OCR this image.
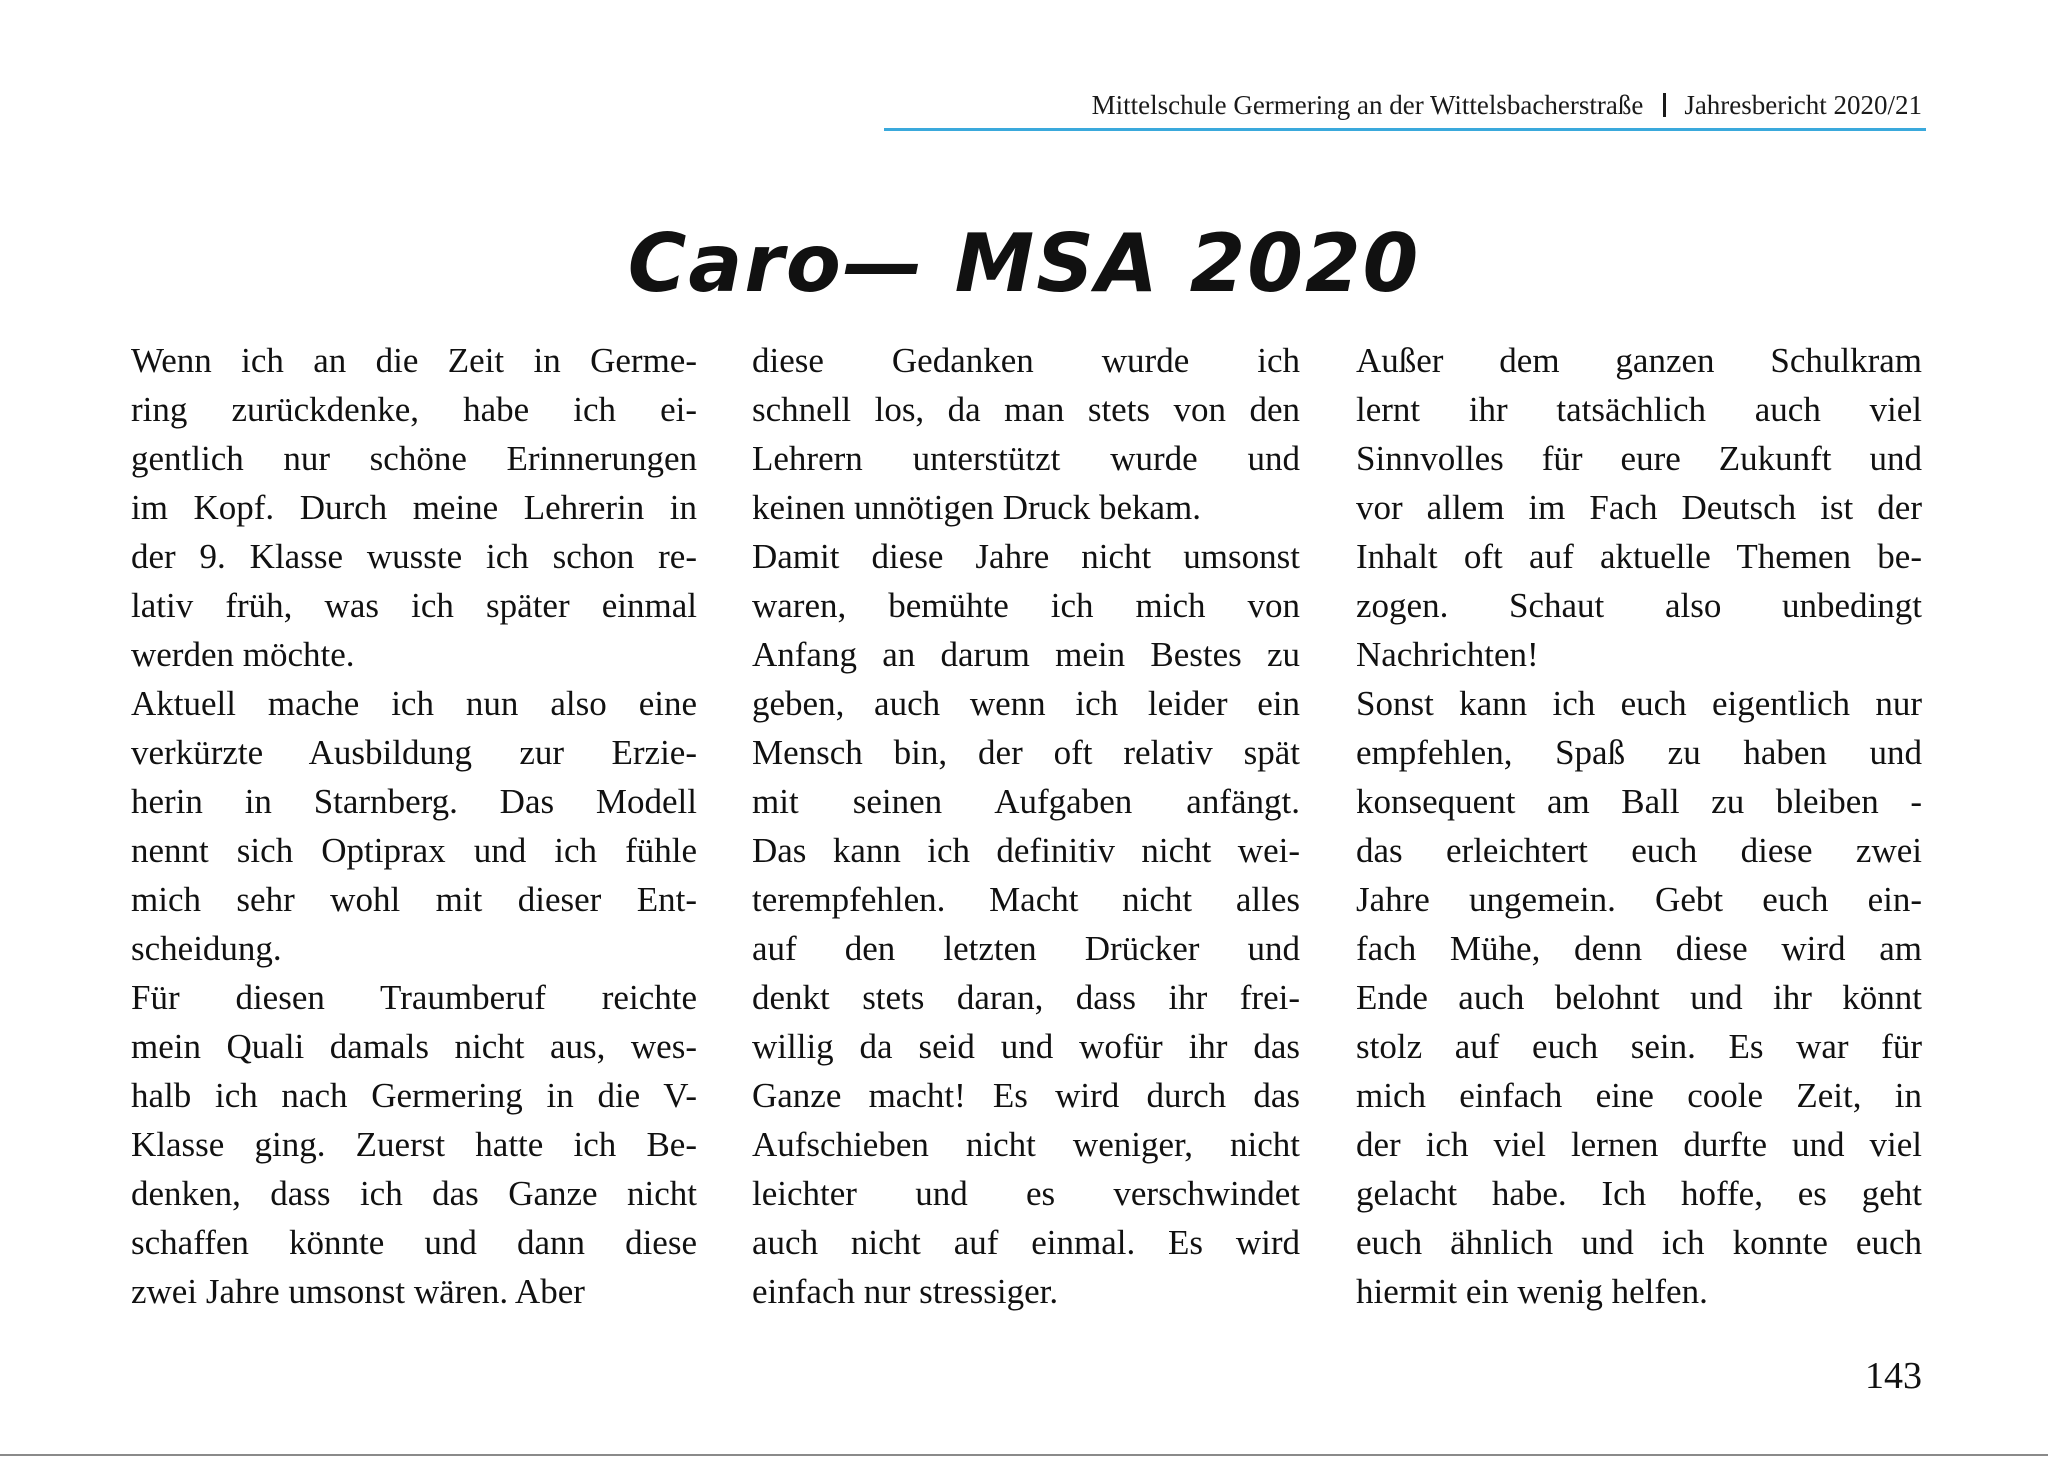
Mittelschule Germering an der Wittelsbacherstraße Jahresbericht 2020/21
Caro— MSA 2020
Wenn ich an die Zeit in Germe-
ring zurückdenke, habe ich ei-
gentlich nur schöne Erinnerungen
im Kopf. Durch meine Lehrerin in
der 9. Klasse wusste ich schon re-
lativ früh, was ich später einmal
werden möchte.
Aktuell mache ich nun also eine
verkürzte Ausbildung zur Erzie-
herin in Starnberg. Das Modell
nennt sich Optiprax und ich fühle
mich sehr wohl mit dieser Ent-
scheidung.
Für diesen Traumberuf reichte
mein Quali damals nicht aus, wes-
halb ich nach Germering in die V-
Klasse ging. Zuerst hatte ich Be-
denken, dass ich das Ganze nicht
schaffen könnte und dann diese
zwei Jahre umsonst wären. Aber
diese Gedanken wurde ich
schnell los, da man stets von den
Lehrern unterstützt wurde und
keinen unnötigen Druck bekam.
Damit diese Jahre nicht umsonst
waren, bemühte ich mich von
Anfang an darum mein Bestes zu
geben, auch wenn ich leider ein
Mensch bin, der oft relativ spät
mit seinen Aufgaben anfängt.
Das kann ich definitiv nicht wei-
terempfehlen. Macht nicht alles
auf den letzten Drücker und
denkt stets daran, dass ihr frei-
willig da seid und wofür ihr das
Ganze macht! Es wird durch das
Aufschieben nicht weniger, nicht
leichter und es verschwindet
auch nicht auf einmal. Es wird
einfach nur stressiger.
Außer dem ganzen Schulkram
lernt ihr tatsächlich auch viel
Sinnvolles für eure Zukunft und
vor allem im Fach Deutsch ist der
Inhalt oft auf aktuelle Themen be-
zogen. Schaut also unbedingt
Nachrichten!
Sonst kann ich euch eigentlich nur
empfehlen, Spaß zu haben und
konsequent am Ball zu bleiben -
das erleichtert euch diese zwei
Jahre ungemein. Gebt euch ein-
fach Mühe, denn diese wird am
Ende auch belohnt und ihr könnt
stolz auf euch sein. Es war für
mich einfach eine coole Zeit, in
der ich viel lernen durfte und viel
gelacht habe. Ich hoffe, es geht
euch ähnlich und ich konnte euch
hiermit ein wenig helfen.
143
